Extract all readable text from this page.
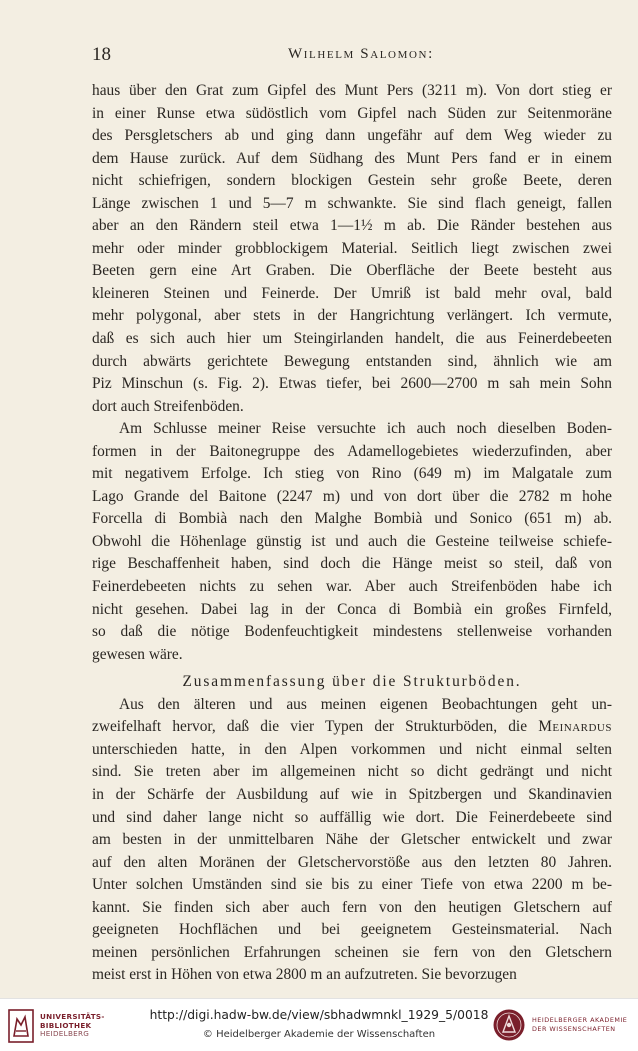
18	Wilhelm Salomon:
haus über den Grat zum Gipfel des Munt Pers (3211 m). Von dort stieg er
in einer Runse etwa südöstlich vom Gipfel nach Süden zur Seitenmoräne
des Persgletschers ab und ging dann ungefähr auf dem Weg wieder zu
dem Hause zurück. Auf dem Südhang des Munt Pers fand er in einem
nicht schiefrigen, sondern blockigen Gestein sehr große Beete, deren
Länge zwischen 1 und 5—7 m schwankte. Sie sind flach geneigt, fallen
aber an den Rändern steil etwa 1—1½ m ab. Die Ränder bestehen aus
mehr oder minder grobblockigem Material. Seitlich liegt zwischen zwei
Beeten gern eine Art Graben. Die Oberfläche der Beete besteht aus
kleineren Steinen und Feinerde. Der Umriß ist bald mehr oval, bald
mehr polygonal, aber stets in der Hangrichtung verlängert. Ich vermute,
daß es sich auch hier um Steingirlanden handelt, die aus Feinerdebeeten
durch abwärts gerichtete Bewegung entstanden sind, ähnlich wie am
Piz Minschun (s. Fig. 2). Etwas tiefer, bei 2600—2700 m sah mein Sohn
dort auch Streifenböden.
Am Schlusse meiner Reise versuchte ich auch noch dieselben Boden-
formen in der Baitonegruppe des Adamellogebietes wiederzufinden, aber
mit negativem Erfolge. Ich stieg von Rino (649 m) im Malgatale zum
Lago Grande del Baitone (2247 m) und von dort über die 2782 m hohe
Forcella di Bombià nach den Malghe Bombià und Sonico (651 m) ab.
Obwohl die Höhenlage günstig ist und auch die Gesteine teilweise schiefe-
rige Beschaffenheit haben, sind doch die Hänge meist so steil, daß von
Feinerdebeeten nichts zu sehen war. Aber auch Streifenböden habe ich
nicht gesehen. Dabei lag in der Conca di Bombià ein großes Firnfeld,
so daß die nötige Bodenfeuchtigkeit mindestens stellenweise vorhanden
gewesen wäre.
Zusammenfassung über die Strukturböden.
Aus den älteren und aus meinen eigenen Beobachtungen geht un-
zweifelhaft hervor, daß die vier Typen der Strukturböden, die Meinardus
unterschieden hatte, in den Alpen vorkommen und nicht einmal selten
sind. Sie treten aber im allgemeinen nicht so dicht gedrängt und nicht
in der Schärfe der Ausbildung auf wie in Spitzbergen und Skandinavien
und sind daher lange nicht so auffällig wie dort. Die Feinerdebeete sind
am besten in der unmittelbaren Nähe der Gletscher entwickelt und zwar
auf den alten Moränen der Gletschervorstöße aus den letzten 80 Jahren.
Unter solchen Umständen sind sie bis zu einer Tiefe von etwa 2200 m be-
kannt. Sie finden sich aber auch fern von den heutigen Gletschern auf
geeigneten Hochflächen und bei geeignetem Gesteinsmaterial. Nach
meinen persönlichen Erfahrungen scheinen sie fern von den Gletschern
meist erst in Höhen von etwa 2800 m an aufzutreten. Sie bevorzugen
UNIVERSITÄTS-
BIBLIOTHEK
HEIDELBERG
http://digi.hadw-bw.de/view/sbhadwmnkl_1929_5/0018
© Heidelberger Akademie der Wissenschaften
HEIDELBERGER AKADEMIE
DER WISSENSCHAFTEN
